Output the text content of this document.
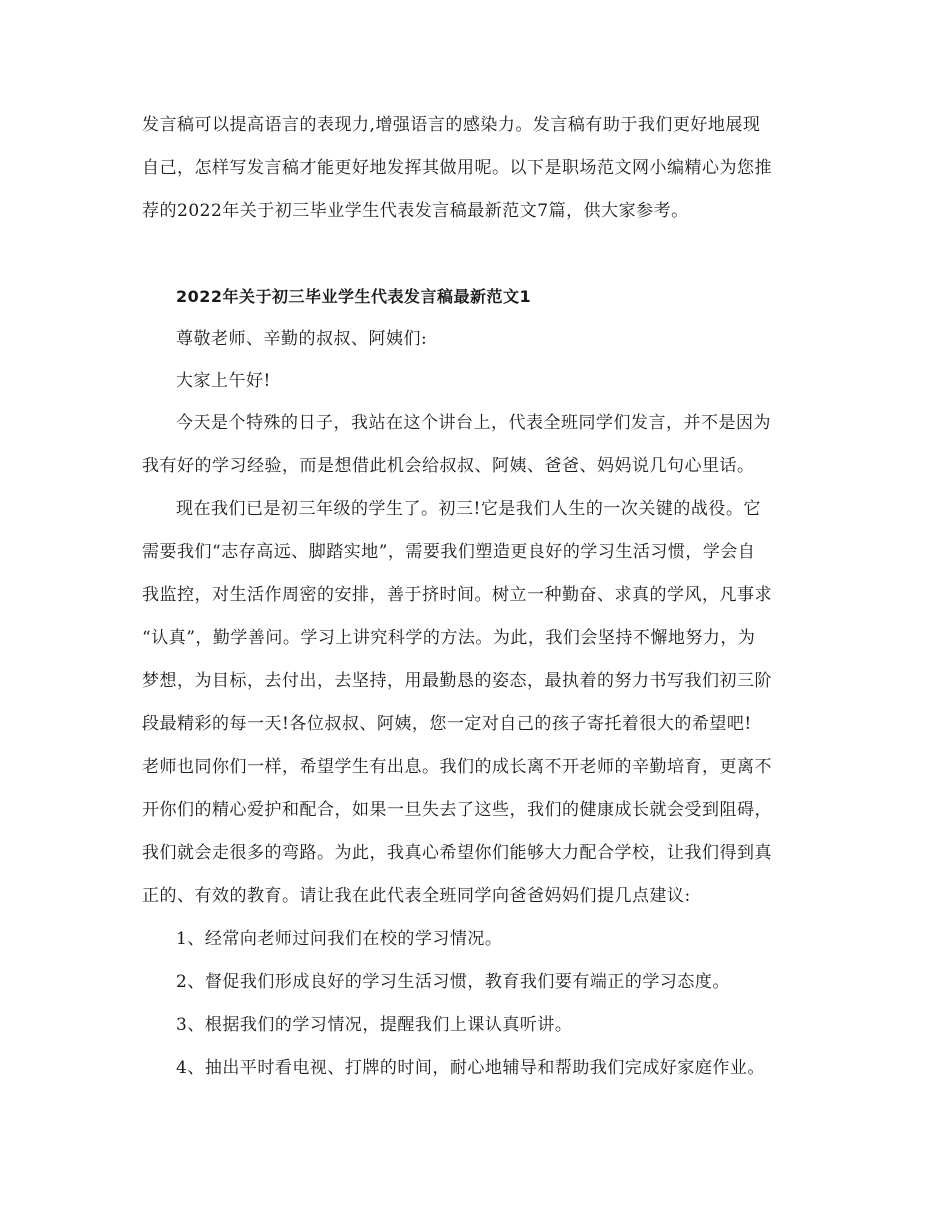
发言稿可以提高语言的表现力,增强语言的感染力。发言稿有助于我们更好地展现
自己，怎样写发言稿才能更好地发挥其做用呢。以下是职场范文网小编精心为您推
荐的2022年关于初三毕业学生代表发言稿最新范文7篇，供大家参考。
2022年关于初三毕业学生代表发言稿最新范文1
尊敬老师、辛勤的叔叔、阿姨们:
大家上午好!
今天是个特殊的日子，我站在这个讲台上，代表全班同学们发言，并不是因为
我有好的学习经验，而是想借此机会给叔叔、阿姨、爸爸、妈妈说几句心里话。
现在我们已是初三年级的学生了。初三!它是我们人生的一次关键的战役。它
需要我们“志存高远、脚踏实地”，需要我们塑造更良好的学习生活习惯，学会自
我监控，对生活作周密的安排，善于挤时间。树立一种勤奋、求真的学风，凡事求
“认真”，勤学善问。学习上讲究科学的方法。为此，我们会坚持不懈地努力，为
梦想，为目标，去付出，去坚持，用最勤恳的姿态，最执着的努力书写我们初三阶
段最精彩的每一天!各位叔叔、阿姨，您一定对自己的孩子寄托着很大的希望吧!
老师也同你们一样，希望学生有出息。我们的成长离不开老师的辛勤培育，更离不
开你们的精心爱护和配合，如果一旦失去了这些，我们的健康成长就会受到阻碍，
我们就会走很多的弯路。为此，我真心希望你们能够大力配合学校，让我们得到真
正的、有效的教育。请让我在此代表全班同学向爸爸妈妈们提几点建议:
1、经常向老师过问我们在校的学习情况。
2、督促我们形成良好的学习生活习惯，教育我们要有端正的学习态度。
3、根据我们的学习情况，提醒我们上课认真听讲。
4、抽出平时看电视、打牌的时间，耐心地辅导和帮助我们完成好家庭作业。
